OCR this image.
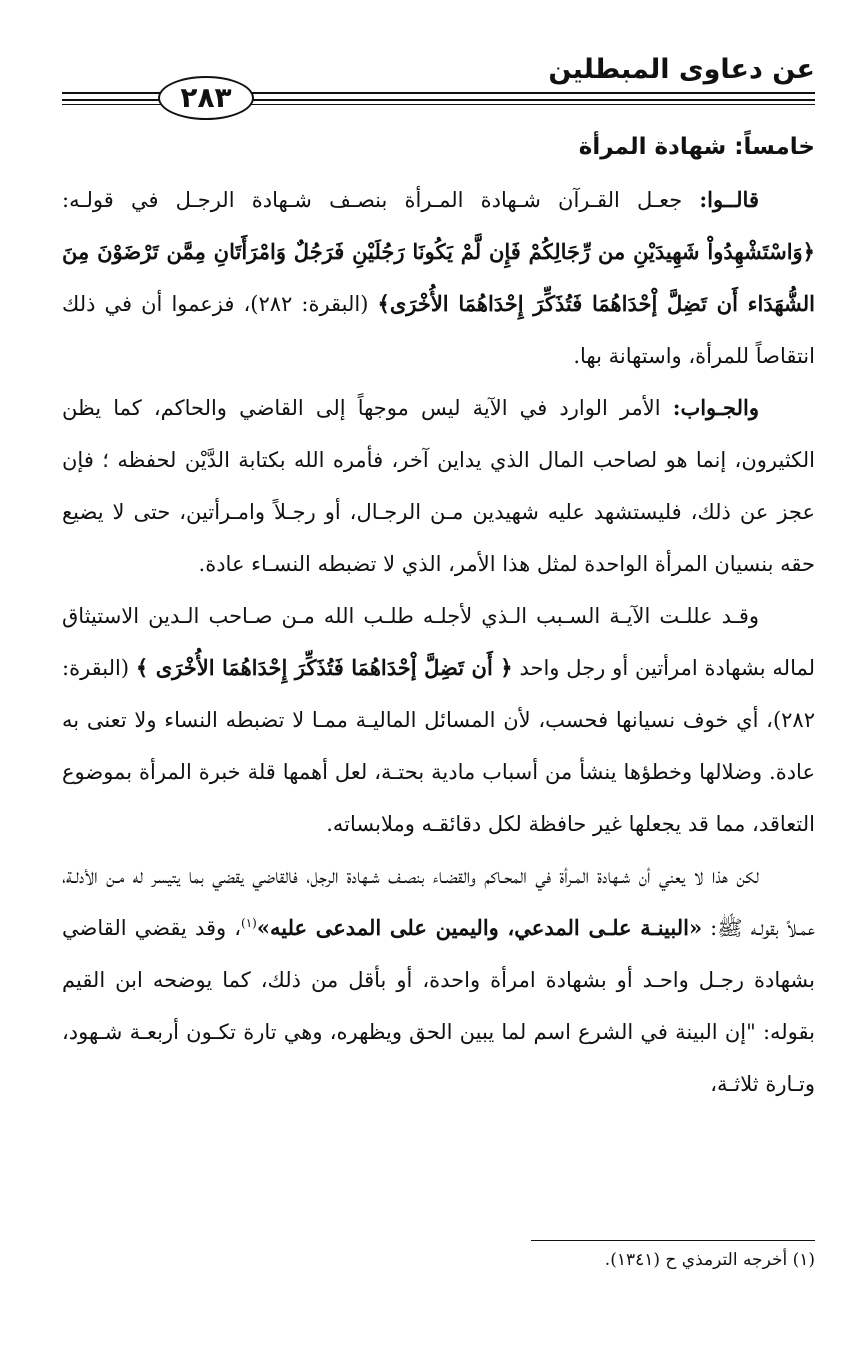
عن دعاوى المبطلين
٢٨٣
خامساً: شهادة المرأة

قالــوا: جعـل القـرآن شـهادة المـرأة بنصـف شـهادة الرجـل في قولـه: ﴿وَاسْتَشْهِدُواْ شَهِيدَيْنِ من رِّجَالِكُمْ فَإِن لَّمْ يَكُونَا رَجُلَيْنِ فَرَجُلٌ وَامْرَأَتَانِ مِمَّن تَرْضَوْنَ مِنَ الشُّهَدَاء أَن تَضِلَّ إْحْدَاهُمَا فَتُذَكِّرَ إِحْدَاهُمَا الأُخْرَى﴾ (البقرة: ٢٨٢)، فزعموا أن في ذلك انتقاصاً للمرأة، واستهانة بها.

والجـواب: الأمر الوارد في الآية ليس موجهاً إلى القاضي والحاكم، كما يظن الكثيرون، إنما هو لصاحب المال الذي يداين آخر، فأمره الله بكتابة الدَّيْن لحفظه ؛ فإن عجز عن ذلك، فليستشهد عليه شهيدين مـن الرجـال، أو رجـلاً وامـرأتين، حتى لا يضيع حقه بنسيان المرأة الواحدة لمثل هذا الأمر، الذي لا تضبطه النسـاء عادة.

وقـد عللـت الآيـة السـبب الـذي لأجلـه طلـب الله مـن صـاحب الـدين الاستيثاق لماله بشهادة امرأتين أو رجل واحد ﴿ أَن تَضِلَّ إْحْدَاهُمَا فَتُذَكِّرَ إِحْدَاهُمَا الأُخْرَى ﴾ (البقرة: ٢٨٢)، أي خوف نسيانها فحسب، لأن المسائل الماليـة ممـا لا تضبطه النساء ولا تعنى به عادة. وضلالها وخطؤها ينشأ من أسباب مادية بحتـة، لعل أهمها قلة خبرة المرأة بموضوع التعاقد، مما قد يجعلها غير حافظة لكل دقائقـه وملابساته.

لكن هذا لا يعني أن شـهادة المـرأة في المحـاكم والقضـاء بنصـف شـهادة الرجل، فالقاضي يقضي بما يتيسر له مـن الأدلـة، عمـلاً بقولـه ﷺ: «البينـة علـى المدعي، واليمين على المدعى عليه»$^{(١)}$، وقد يقضي القاضي بشهادة رجـل واحـد أو بشهادة امرأة واحدة، أو بأقل من ذلك، كما يوضحه ابن القيم بقوله: "إن البينة في الشرع اسم لما يبين الحق ويظهره، وهي تارة تكـون أربعـة شـهود، وتـارة ثلاثـة،

(١) أخرجه الترمذي ح (١٣٤١).
